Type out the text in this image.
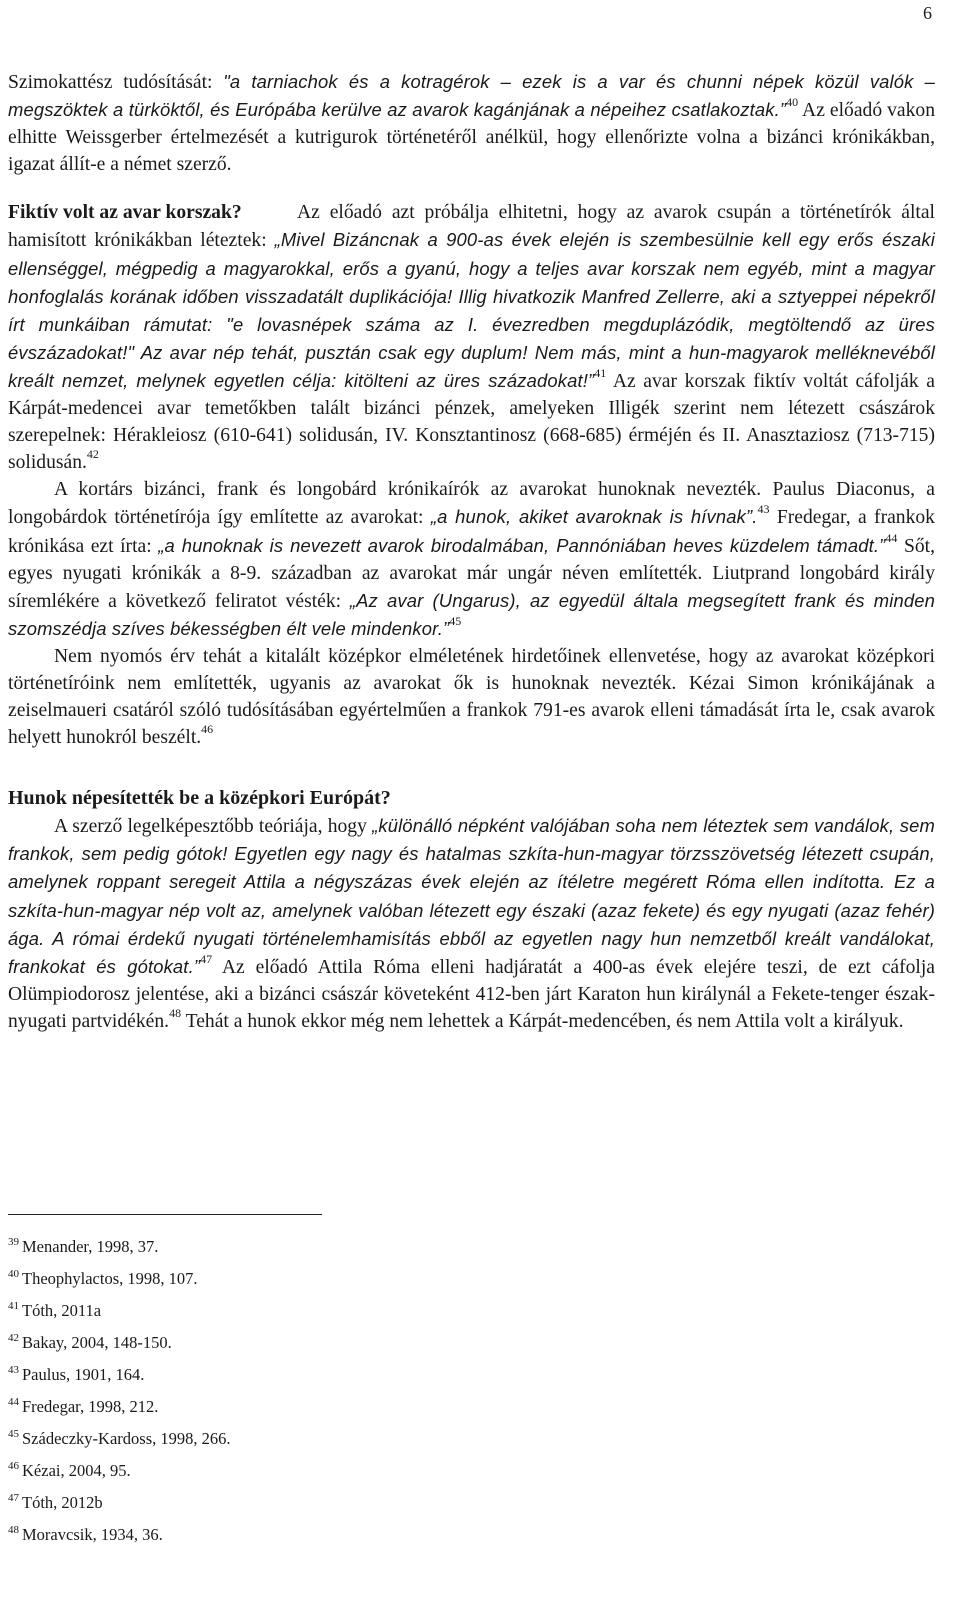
6

Szimokattész tudósítását: "a tarniachok és a kotragérok – ezek is a var és chunni népek közül valók – megszöktek a türköktől, és Európába kerülve az avarok kagánjának a népeihez csatlakoztak.”$^{40}$ Az előadó vakon elhitte Weissgerber értelmezését a kutrigurok történetéről anélkül, hogy ellenőrizte volna a bizánci krónikákban, igazat állít-e a német szerző.

Fiktív volt az avar korszak?	Az előadó azt próbálja elhitetni, hogy az avarok csupán a történetírók által hamisított krónikákban léteztek: „Mivel Bizáncnak a 900-as évek elején is szembesülnie kell egy erős északi ellenséggel, mégpedig a magyarokkal, erős a gyanú, hogy a teljes avar korszak nem egyéb, mint a magyar honfoglalás korának időben visszadatált duplikációja! Illig hivatkozik Manfred Zellerre, aki a sztyeppei népekről írt munkáiban rámutat: "e lovasnépek száma az I. évezredben megduplázódik, megtöltendő az üres évszázadokat!" Az avar nép tehát, pusztán csak egy duplum! Nem más, mint a hun-magyarok melléknevéből kreált nemzet, melynek egyetlen célja: kitölteni az üres századokat!”$^{41}$ Az avar korszak fiktív voltát cáfolják a Kárpát-medencei avar temetőkben talált bizánci pénzek, amelyeken Illigék szerint nem létezett császárok szerepelnek: Hérakleiosz (610-641) solidusán, IV. Konsztantinosz (668-685) érméjén és II. Anasztaziosz (713-715) solidusán.$^{42}$

A kortárs bizánci, frank és longobárd krónikaírók az avarokat hunoknak nevezték. Paulus Diaconus, a longobárdok történetírója így említette az avarokat: „a hunok, akiket avaroknak is hívnak”.$^{43}$ Fredegar, a frankok krónikása ezt írta: „a hunoknak is nevezett avarok birodalmában, Pannóniában heves küzdelem támadt.”$^{44}$ Sőt, egyes nyugati krónikák a 8-9. században az avarokat már ungár néven említették. Liutprand longobárd király síremlékére a következő feliratot vésték: „Az avar (Ungarus), az egyedül általa megsegített frank és minden szomszédja szíves békességben élt vele mindenkor.”$^{45}$

Nem nyomós érv tehát a kitalált középkor elméletének hirdetőinek ellenvetése, hogy az avarokat középkori történetíróink nem említették, ugyanis az avarokat ők is hunoknak nevezték. Kézai Simon krónikájának a zeiselmaueri csatáról szóló tudósításában egyértelműen a frankok 791-es avarok elleni támadását írta le, csak avarok helyett hunokról beszélt.$^{46}$

Hunok népesítették be a középkori Európát?

A szerző legelképesztőbb teóriája, hogy „különálló népként valójában soha nem léteztek sem vandálok, sem frankok, sem pedig gótok! Egyetlen egy nagy és hatalmas szkíta-hun-magyar törzsszövetség létezett csupán, amelynek roppant seregeit Attila a négyszázas évek elején az ítéletre megérett Róma ellen indította. Ez a szkíta-hun-magyar nép volt az, amelynek valóban létezett egy északi (azaz fekete) és egy nyugati (azaz fehér) ága. A római érdekű nyugati történelemhamisítás ebből az egyetlen nagy hun nemzetből kreált vandálokat, frankokat és gótokat.”$^{47}$ Az előadó Attila Róma elleni hadjáratát a 400-as évek elejére teszi, de ezt cáfolja Olümpiodorosz jelentése, aki a bizánci császár követeként 412-ben járt Karaton hun királynál a Fekete-tenger észak-nyugati partvidékén.$^{48}$ Tehát a hunok ekkor még nem lehettek a Kárpát-medencében, és nem Attila volt a királyuk.

$^{39}$ Menander, 1998, 37.
$^{40}$ Theophylactos, 1998, 107.
$^{41}$ Tóth, 2011a
$^{42}$ Bakay, 2004, 148-150.
$^{43}$ Paulus, 1901, 164.
$^{44}$ Fredegar, 1998, 212.
$^{45}$ Szádeczky-Kardoss, 1998, 266.
$^{46}$ Kézai, 2004, 95.
$^{47}$ Tóth, 2012b
$^{48}$ Moravcsik, 1934, 36.
